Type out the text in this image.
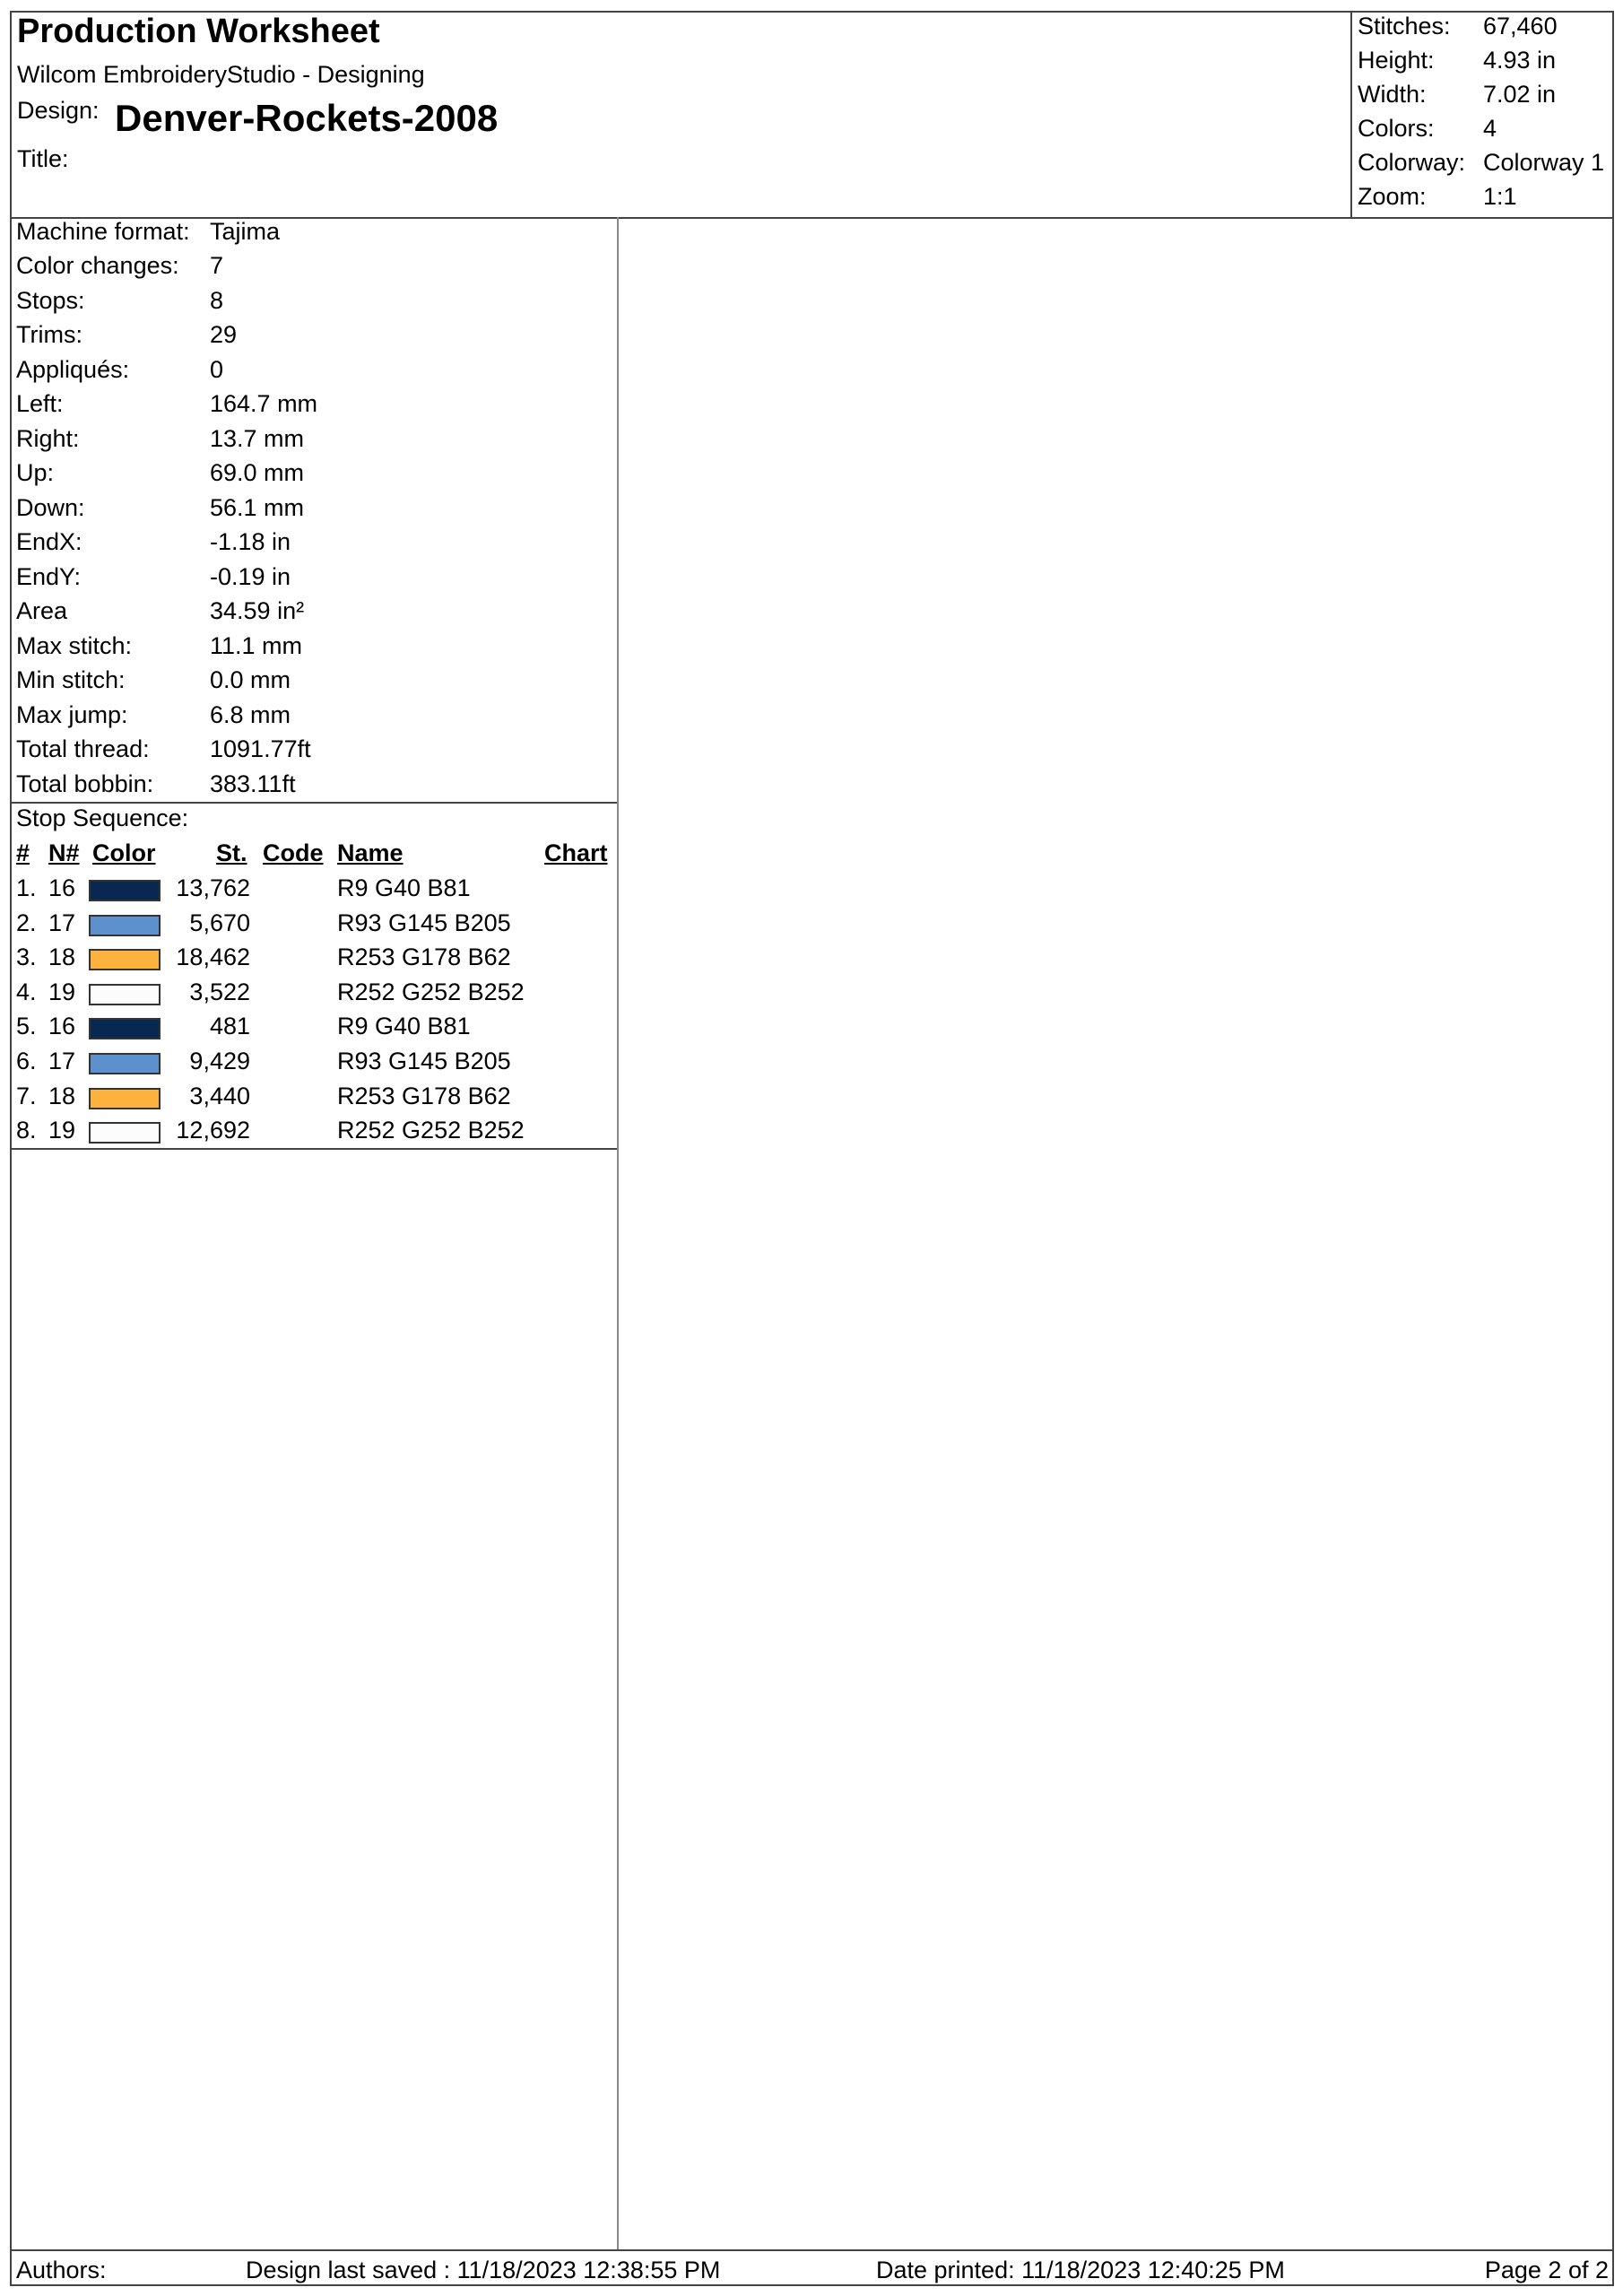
Production Worksheet
Wilcom EmbroideryStudio - Designing
Design: Denver-Rockets-2008
Title:
Stitches: 67,460
Height: 4.93 in
Width: 7.02 in
Colors: 4
Colorway: Colorway 1
Zoom: 1:1
Machine format: Tajima
Color changes: 7
Stops:	8
Trims:	29
Appliqués:	0
Left:	164.7 mm
Right:	13.7 mm
Up:	69.0 mm
Down:	56.1 mm
EndX:	-1.18 in
EndY:	-0.19 in
Area	34.59 in²
Max stitch:	11.1 mm
Min stitch:	0.0 mm
Max jump:	6.8 mm
Total thread: 1091.77ft
Total bobbin: 383.11ft
Stop Sequence:
# N# Color	St. Code Name	Chart
1. 16	13,762	R9 G40 B81
2. 17	5,670	R93 G145 B205
3. 18	18,462	R253 G178 B62
4. 19	3,522	R252 G252 B252
5. 16	481	R9 G40 B81
6. 17	9,429	R93 G145 B205
7. 18	3,440	R253 G178 B62
8. 19	12,692	R252 G252 B252
Authors:	Design last saved : 11/18/2023 12:38:55 PM	Date printed: 11/18/2023 12:40:25 PM	Page 2 of 2
